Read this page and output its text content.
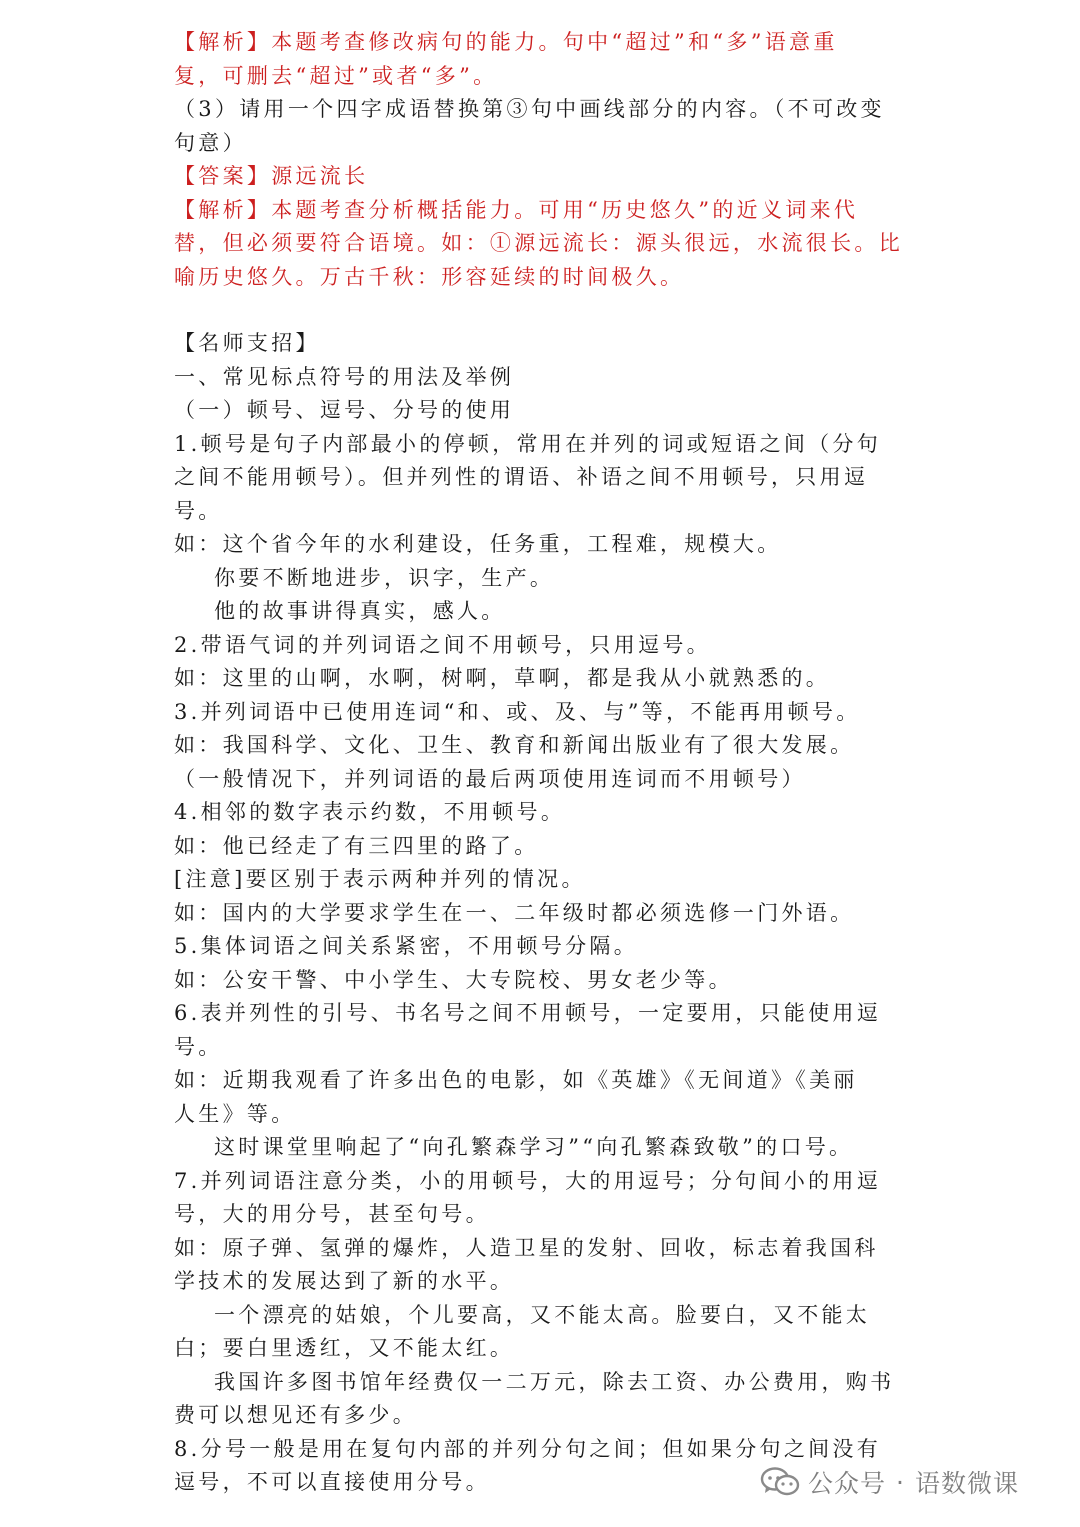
【解析】本题考查修改病句的能力。句中“超过”和“多”语意重
复，可删去“超过”或者“多”。
（3）请用一个四字成语替换第③句中画线部分的内容。（不可改变
句意）
【答案】源远流长
【解析】本题考查分析概括能力。可用“历史悠久”的近义词来代
替，但必须要符合语境。如：①源远流长：源头很远，水流很长。比
喻历史悠久。万古千秋：形容延续的时间极久。
【名师支招】
一、常见标点符号的用法及举例
（一）顿号、逗号、分号的使用
1.顿号是句子内部最小的停顿，常用在并列的词或短语之间（分句
之间不能用顿号）。但并列性的谓语、补语之间不用顿号，只用逗
号。
如：这个省今年的水利建设，任务重，工程难，规模大。
你要不断地进步，识字，生产。
他的故事讲得真实，感人。
2.带语气词的并列词语之间不用顿号，只用逗号。
如：这里的山啊，水啊，树啊，草啊，都是我从小就熟悉的。
3.并列词语中已使用连词“和、或、及、与”等，不能再用顿号。
如：我国科学、文化、卫生、教育和新闻出版业有了很大发展。
（一般情况下，并列词语的最后两项使用连词而不用顿号）
4.相邻的数字表示约数，不用顿号。
如：他已经走了有三四里的路了。
[注意]要区别于表示两种并列的情况。
如：国内的大学要求学生在一、二年级时都必须选修一门外语。
5.集体词语之间关系紧密，不用顿号分隔。
如：公安干警、中小学生、大专院校、男女老少等。
6.表并列性的引号、书名号之间不用顿号，一定要用，只能使用逗
号。
如：近期我观看了许多出色的电影，如《英雄》《无间道》《美丽
人生》等。
这时课堂里响起了“向孔繁森学习”“向孔繁森致敬”的口号。
7.并列词语注意分类，小的用顿号，大的用逗号；分句间小的用逗
号，大的用分号，甚至句号。
如：原子弹、氢弹的爆炸，人造卫星的发射、回收，标志着我国科
学技术的发展达到了新的水平。
一个漂亮的姑娘，个儿要高，又不能太高。脸要白，又不能太
白；要白里透红，又不能太红。
我国许多图书馆年经费仅一二万元，除去工资、办公费用，购书
费可以想见还有多少。
8.分号一般是用在复句内部的并列分句之间；但如果分句之间没有
逗号，不可以直接使用分号。	公众号 · 语数微课
